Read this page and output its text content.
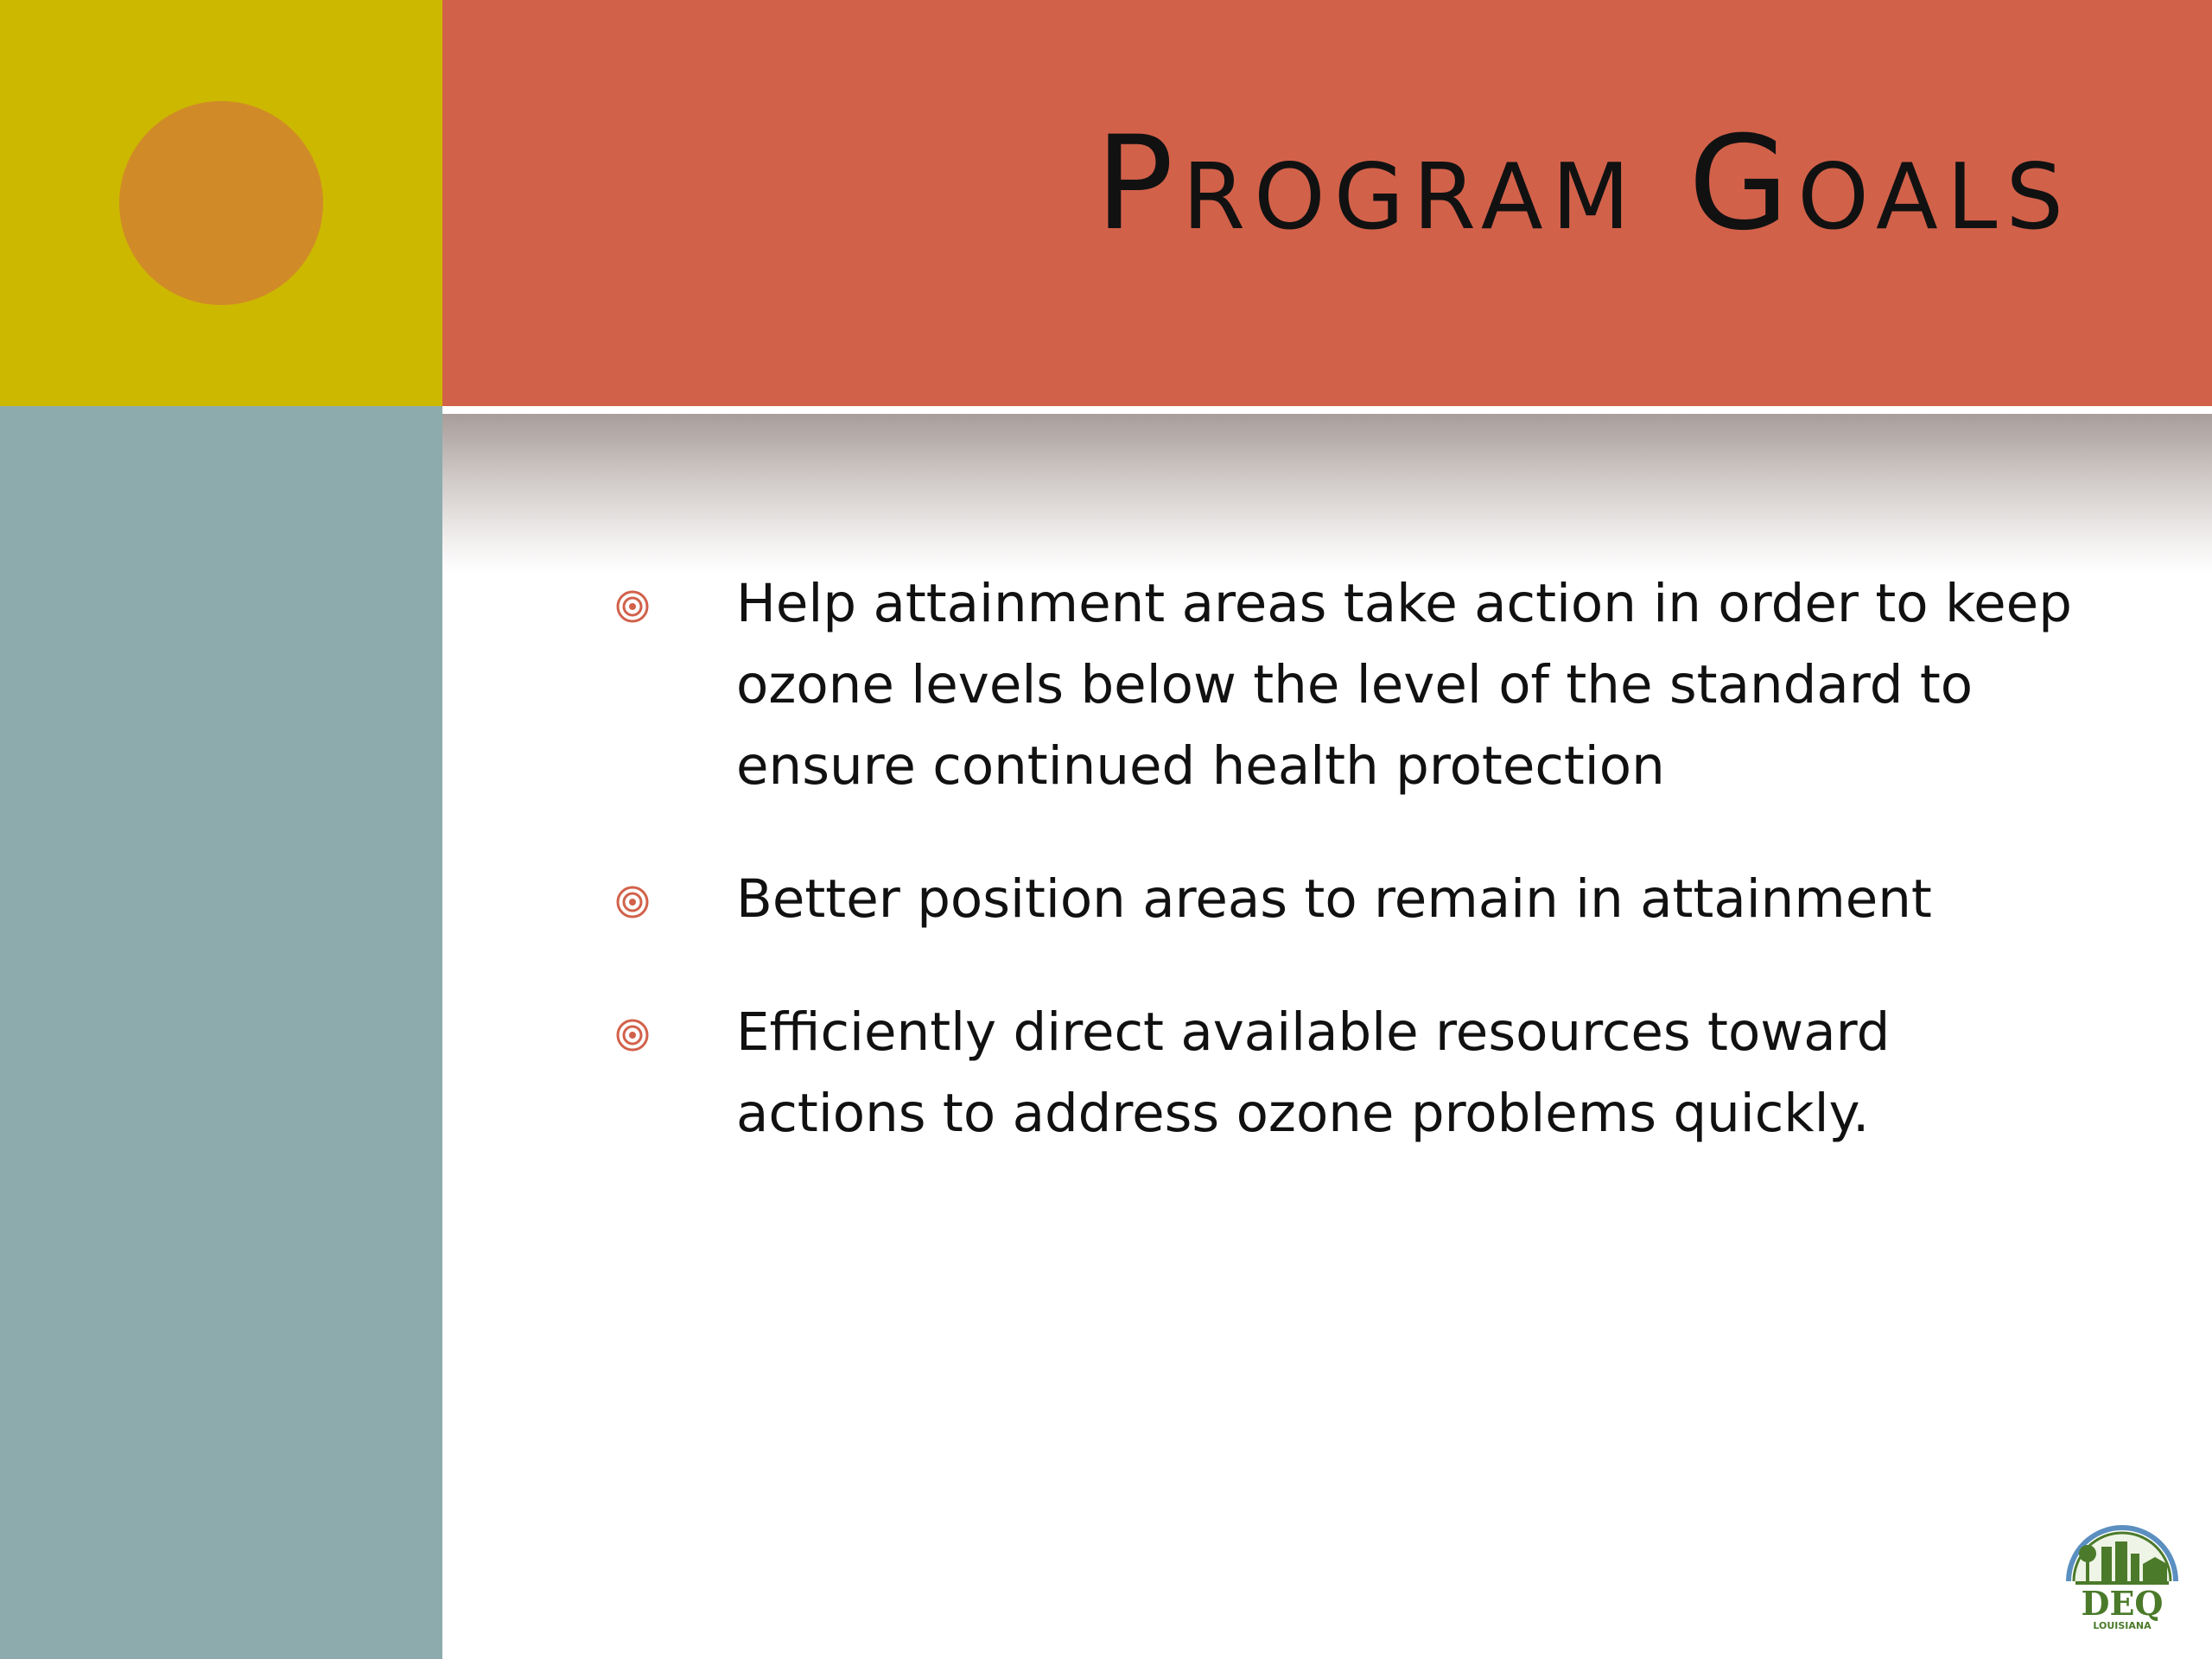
Program Goals
Help attainment areas take action in order to keep ozone levels below the level of the standard to ensure continued health protection
Better position areas to remain in attainment
Efficiently direct available resources toward actions to address ozone problems quickly.
DEQ
LOUISIANA
